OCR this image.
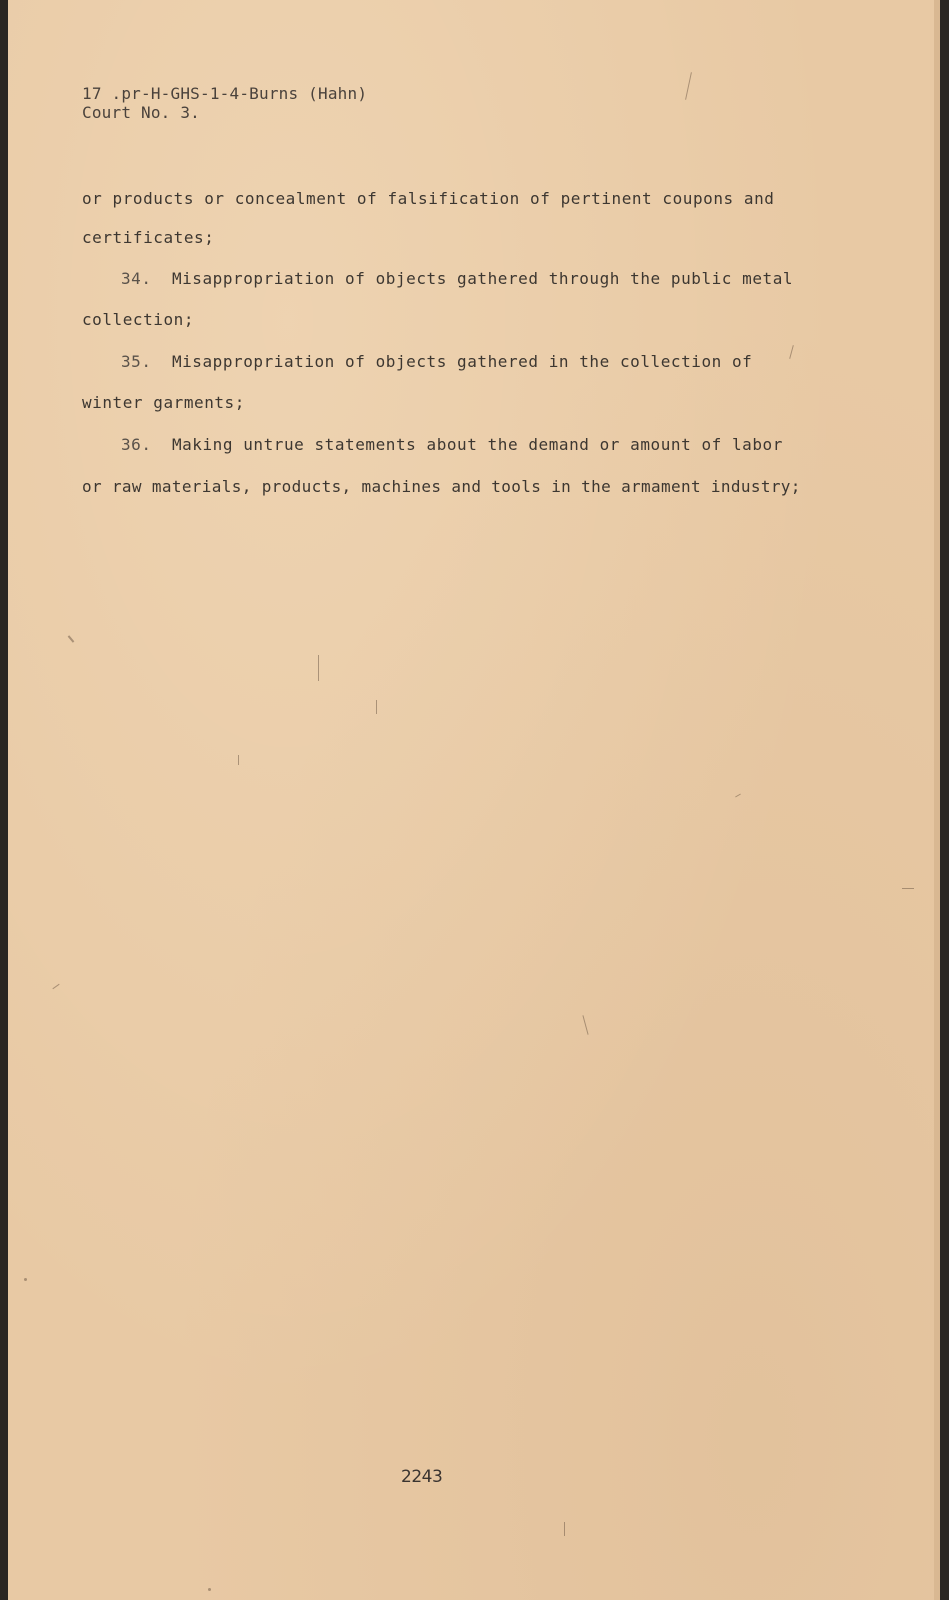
17 .pr-H-GHS-1-4-Burns (Hahn)
Court No. 3.
or products or concealment of falsification of pertinent coupons and
certificates;
34. Misappropriation of objects gathered through the public metal
collection;
35. Misappropriation of objects gathered in the collection of
winter garments;
36. Making untrue statements about the demand or amount of labor
or raw materials, products, machines and tools in the armament industry;
2243
